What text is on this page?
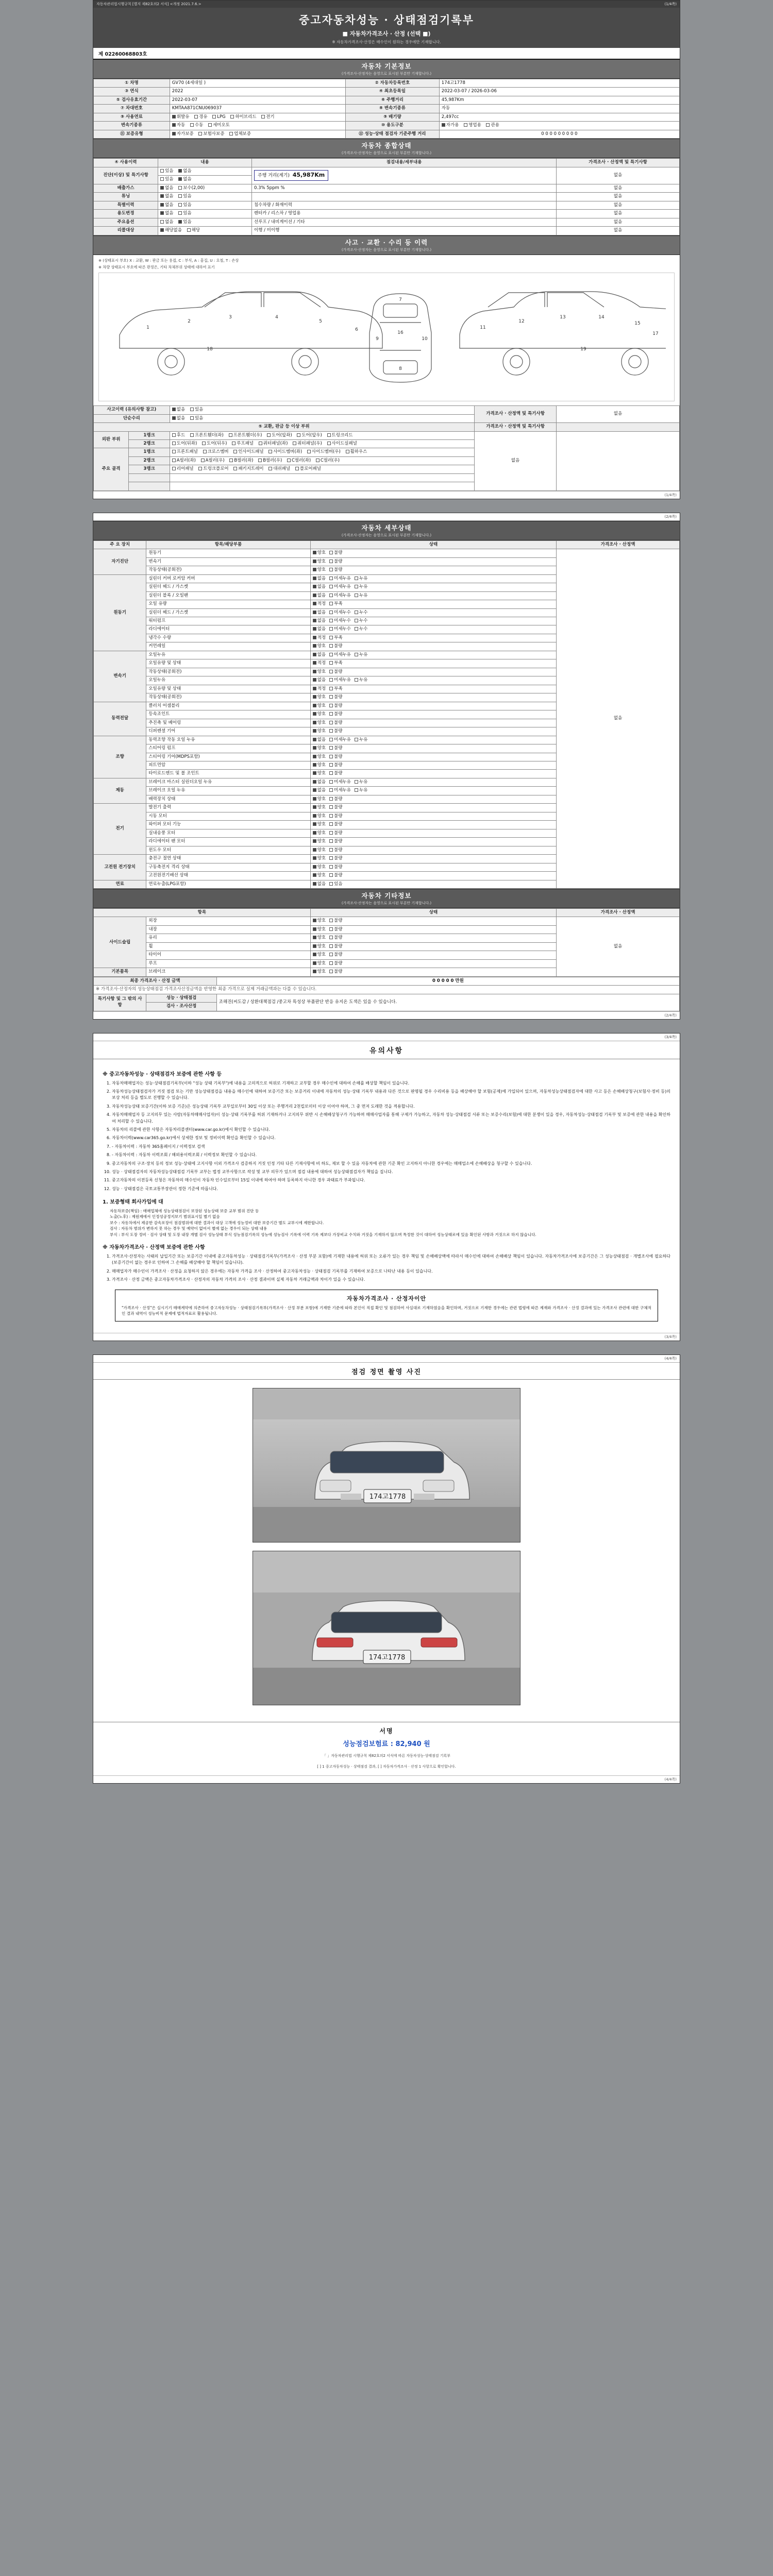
자동차관리법시행규칙 [별지 제82호의2 서식] <개정 2021.7.6.>	(1/4쪽)
중고자동차성능 · 상태점검기록부
■ 자동차가격조사 · 산정 (선택 ■)
※ 자동차가격조사·산정은 매수인이 원하는 경우에만 기재합니다.
제 02260068803호
자동차 기본정보
(가격조사·산정자는 음영으로 표시된 부분만 기재합니다.)
① 차명	GV70 (4세대일 )	② 자동차등록번호	174고1778
③ 연식	2022	④ 최초등록일	2022-03-07 / 2026-03-06
⑤ 검사유효기간	2022-03-07	⑥ 주행거리	45,987Km
⑦ 차대번호	KMTAA871CNU069037	⑧ 변속기종류	자동
⑨ 사용연료	휘발유 경유 LPG 하이브리드 전기	⑨ 배기량	2,497cc
변속기종류	자동 수동 세미오토	⑩ 용도구분	자가용 영업용 관용
⑪ 보증유형	자가보증 보험사보증 업체보증	⑫ 성능·상태 점검자 기준주행 거리	0 0 0 0 0 0 0 0 0
자동차 종합상태
(가격조사·산정자는 음영으로 표시된 부분만 기재합니다.)
④ 사용이력	내용	점검내용/세부내용	가격조사 · 산정액 및 특기사항
진단(이상) 및 특기사항	있음 없음	주행 거리(계기) 45,987Km	없음
	있음 없음		
배출가스	없음 보수(2,00)	0.3% 5ppm %	없음
튜닝	없음 있음		없음
특별이력	없음 있음	침수차량 / 화재이력	없음
용도변경	없음 있음	렌터카 / 리스차 / 영업용	없음
주요옵션	없음 있음	선루프 / 내비게이션 / 기타	없음
리콜대상	해당없음 해당	이행 / 미이행	없음
사고 · 교환 · 수리 등 이력
(가격조사·산정자는 음영으로 표시된 부분만 기재합니다.)
※ (상태표시 부호) X : 교환, W : 판금 또는 용접, C : 부식, A : 흠집, U : 요철, T : 손상
※ 차량 상태표시 부호에 따른 판정은, 기타 차체부위 상태에 대하여 표기
1
2
3	4
5
6
16
7
8
9	10
11
12
13	14
15
17
18	19
사고이력 (유의사항 참고)		없음 있음	가격조사 · 산정액 및 특기사항	없음
단순수리		없음 있음		
⑤ 교환, 판금 등 이상 부위			가격조사 · 산정액 및 특기사항	
외판 부위	1랭크	후드 프론트휀더(좌) 프론트휀더(우) 도어(앞좌) 도어(앞우) 트렁크리드	없음	
	2랭크	도어(뒤좌) 도어(뒤우) 루프패널 쿼터패널(좌) 쿼터패널(우) 사이드실패널		
주요 골격	1랭크	프론트패널 크로스멤버 인사이드패널 사이드멤버(좌) 사이드멤버(우) 휠하우스		
	2랭크	A필러(좌) A필러(우) B필러(좌) B필러(우) C필러(좌) C필러(우)		
	3랭크	리어패널 트렁크플로어 패키지트레이 대쉬패널 플로어패널		

(1/4쪽)

(2/4쪽)
자동차 세부상태
(가격조사·산정자는 음영으로 표시된 부분만 기재합니다.)
주 요 장치	항목/해당부품	상태	가격조사 · 산정액
자기진단	원동기	양호 불량	없음
	변속기	양호 불량	
	작동상태(공회전)	양호 불량	
원동기	실린더 커버 로커암 커버	없음 미세누유 누유	
	실린더 헤드 / 가스켓	없음 미세누유 누유	
	실린더 블록 / 오일팬	없음 미세누유 누유	
	오일 유량	적정 부족	
	실린더 헤드 / 가스켓	없음 미세누수 누수	
	워터펌프	없음 미세누수 누수	
	라디에이터	없음 미세누수 누수	
	냉각수 수량	적정 부족	
	커먼레일	양호 불량	
변속기	오일누유	없음 미세누유 누유	
	오일유량 및 상태	적정 부족	
	작동상태(공회전)	양호 불량	
	오일누유	없음 미세누유 누유	
	오일유량 및 상태	적정 부족	
	작동상태(공회전)	양호 불량	
동력전달	클러치 어셈블리	양호 불량	
	등속조인트	양호 불량	
	추진축 및 베어링	양호 불량	
	디퍼렌셜 기어	양호 불량	
조향	동력조향 작동 오일 누유	없음 미세누유 누유	
	스티어링 펌프	양호 불량	
	스티어링 기어(MDPS포함)	양호 불량	
	피트먼암	양호 불량	
	타이로드엔드 및 볼 조인트	양호 불량	
제동	브레이크 마스터 실린더오일 누유	없음 미세누유 누유	
	브레이크 오일 누유	없음 미세누유 누유	
	배력장치 상태	양호 불량	
전기	발전기 출력	양호 불량	
	시동 모터	양호 불량	
	와이퍼 모터 기능	양호 불량	
	실내송풍 모터	양호 불량	
	라디에이터 팬 모터	양호 불량	
	윈도우 모터	양호 불량	
고전원 전기장치	충전구 절연 상태	양호 불량	
	구동축전지 격리 상태	양호 불량	
	고전원전기배선 상태	양호 불량	
연료	연료누출(LPG포함)	없음 있음	
자동차 기타정보
(가격조사·산정자는 음영으로 표시된 부분만 기재합니다.)
항목		상태	가격조사 · 산정액
사이드슬립	외장	양호 불량	없음
	내장	양호 불량	
	유리	양호 불량	
	휠	양호 불량	
	타이어	양호 불량	
	루프	양호 불량	
기본품목	브레이크	양호 불량	
최종 가격조사 · 산정 금액		0 0 0 0 0 만원
※ 가격조사·산정자의 성능상태점검 가격조사산정금액을 반영한 최종 가격으로 실제 거래금액과는 다를 수 있습니다.		
특기사항 및 그 밖의 사항	성능 · 상태점검	조해진(씨도감 / 상환대책점검 /중고차 특성상 부품판단 반응 유지온 도색은 있을 수 있습니다.
	검사 · 조사산정	
(2/4쪽)

(3/4쪽)
유의사항
※ 중고자동차성능 · 상태점검자 보증에 관한 사항 등
1. 자동차매매업자는 성능·상태점검기록부(이하 "성능 상태 기록부")에 내용을 고의적으로 허위로 기재하고 교부할 경우 매수인에 대하여 손해를 배상할 책임이 있습니다.
2. 자동차성능상태점검자가 거짓 점검 또는 기만 성능상태점검을 내용을 매수인에 대하여 보증기간 또는 보증거리 이내에 자동차의 성능·상태 기록부 내용과 다른 것으로 판명될 경우 수리비용 등을 배상해야 할 보험(공제)에 가입되어 있으며, 자동차성능상태점검자에 대한 사고 등은 손해배상청구(보험사·정비 등)의 보상 처리 등을 별도로 진행할 수 있습니다.
3. 자동차성능상태 보증기간(이하 보증 기준)은 성능상태 기록부 교부일로부터 30일 이상 또는 주행거리 2천킬로미터 이상 이어야 하며, 그 중 먼저 도래한 것을 적용합니다.
4. 자동차매매업자 등 고지의무 있는 사람(자동차매매사업자)이 성능·상태 기록부를 허위 기재하거나 고지의무 위반 시 손해배상청구가 가능하며 매매사업자를 통해 구제가 가능하고, 자동차 성능·상태점검 서류 또는 보증수리(보험)에 대한 분쟁이 있을 경우, 자동차성능·상태점검 기록부 및 보증에 관한 내용을 확인하여 처리할 수 있습니다.
5. 자동차의 리콜에 관한 사항은 자동차리콜센터(www.car.go.kr)에서 확인할 수 있습니다.
6. 자동차이력(www.car365.go.kr)에서 상세한 정보 및 정비이력 확인을 확인할 수 있습니다.
7. - 자동차이력 : 자동차 365홈페이지 / 이력정보 검색
8. - 자동차이력 : 자동차 이력조회 / 해외용이력조회 / 이력정보 확인할 수 있습니다.
9. 중고자동차의 구조·장치 등의 정보 성능·상태에 고지사항 이외 가격조사 검증하지 거짓 인정 기타 다른 기재사항에 비 하도, 제보 할 수 있음 자동차에 관한 기준 확인 고지하지 아니한 경우에는 매매업소에 손해배상을 청구할 수 있습니다.
10. 성능 · 상태점검자의 자동차성능상태점검 기록부 교부는 법정 교부사항으로 작성 및 교부 의무가 있으며 점검 내용에 대하여 성능상태점검자가 책임을 집니다.
11. 중고자동차의 이전등록 신청은 자동차의 매수인이 자동차 인수일로부터 15일 이내에 하여야 하며 등록하지 아니한 경우 과태료가 부과됩니다.
12. 성능 · 상태점검은 국토교통부장관이 정한 기준에 따릅니다.
1. 보증형태 회사가입에 대
자동차보증(책임) : 매매업체에 성능상태점검이 보장된 성능상태 보증 교부 범위 진단 등
노출(노후) : 제원제에서 인정성공정지보기 범위표시일 별기 없음
보수 : 자동차에서 제공한 감속포장이 점검범위에 대한 결과이 대상 고객에 성능정비 대한 보증기간 별도 교부시에 제한합니다.
검사 : 자동차 범위가 변하지 못 하는 경우 및 예약이 없어서 별에 없는 경우이 되는 상태 내용
부식 : 부식 도장 정비 · 검사 상태 및 도장 내장 개별 검사 성능상태 부식 성능점검기록의 성능에 성능검사 기록에 이력 기록 제보다 가장비교 수치와 거짓을 기재하지 않으며 특정한 것이 대하여 성능상태로에 있음 확인된 사항과 거짓으로 하지 않습니다.
※ 자동차가격조사 · 산정액 보증에 관한 사항
1. 가격조사·산정자는 사태의 납입기간 또는 보증기간 이내에 중고자동차성능 · 상태점검기록부(가격조사 · 산정 부분 포함)에 기재한 내용에 허위 또는 오류가 있는 경우 책임 및 손해배상액에 따라서 매수인에 대하여 손해배상 책임이 있습니다. 자동차가격조사에 보증기간은 그 성능상태점검 · 개별조사에 필요하다 (보증기간이 없는 경우로 인하여 그 손해를 배상해야 할 책임이 있습니다).
2. 매매업자가 매수인이 가격조사 · 산정을 요청하지 않은 경우에는 자동차 가격을 조사 · 산정하여 중고자동차성능 · 상태점검 기록부를 기재하여 보증으로 나타난 내용 등이 있습니다.
3. 가격조사 · 산정 금액은 중고자동차가격조사 · 산정자의 자동차 가격의 조사 · 산정 결과이며 실제 자동차 거래금액과 차이가 있을 수 있습니다.
자동차가격조사 · 산정자이안

"가격조사 · 산정"은 실시기기 매매계약에 의존하여 중고자동차성능 · 상태점검기록부(가격조사 · 산정 부분 포함)에 기재한 기준에 따라 본인이 직접 확인 및 점검하여 사실대로 기재하였음을 확인하며, 거짓으로 기재한 경우에는 관련 법령에 따른 제재와 가격조사 · 산정 결과에 있는 가격조사 관련에 대한 구체적인 결과 내역이 성능비적 문제에 법적자료로 활용됩니다.

(3/4쪽)

(4/4쪽)
점검 정면 촬영 사진
174고1778
174고1778
서명
성능점검보험료 : 82,940 원
「 」자동차관리법 시행규칙 제82호의2 서식에 따른 자동차성능·상태점검 기록부
[ ] 1 중고자동차성능 · 상태점검 결과, [ ] 자동차가격조사 · 산정 1 사항으로 확인합니다.
(4/4쪽)
